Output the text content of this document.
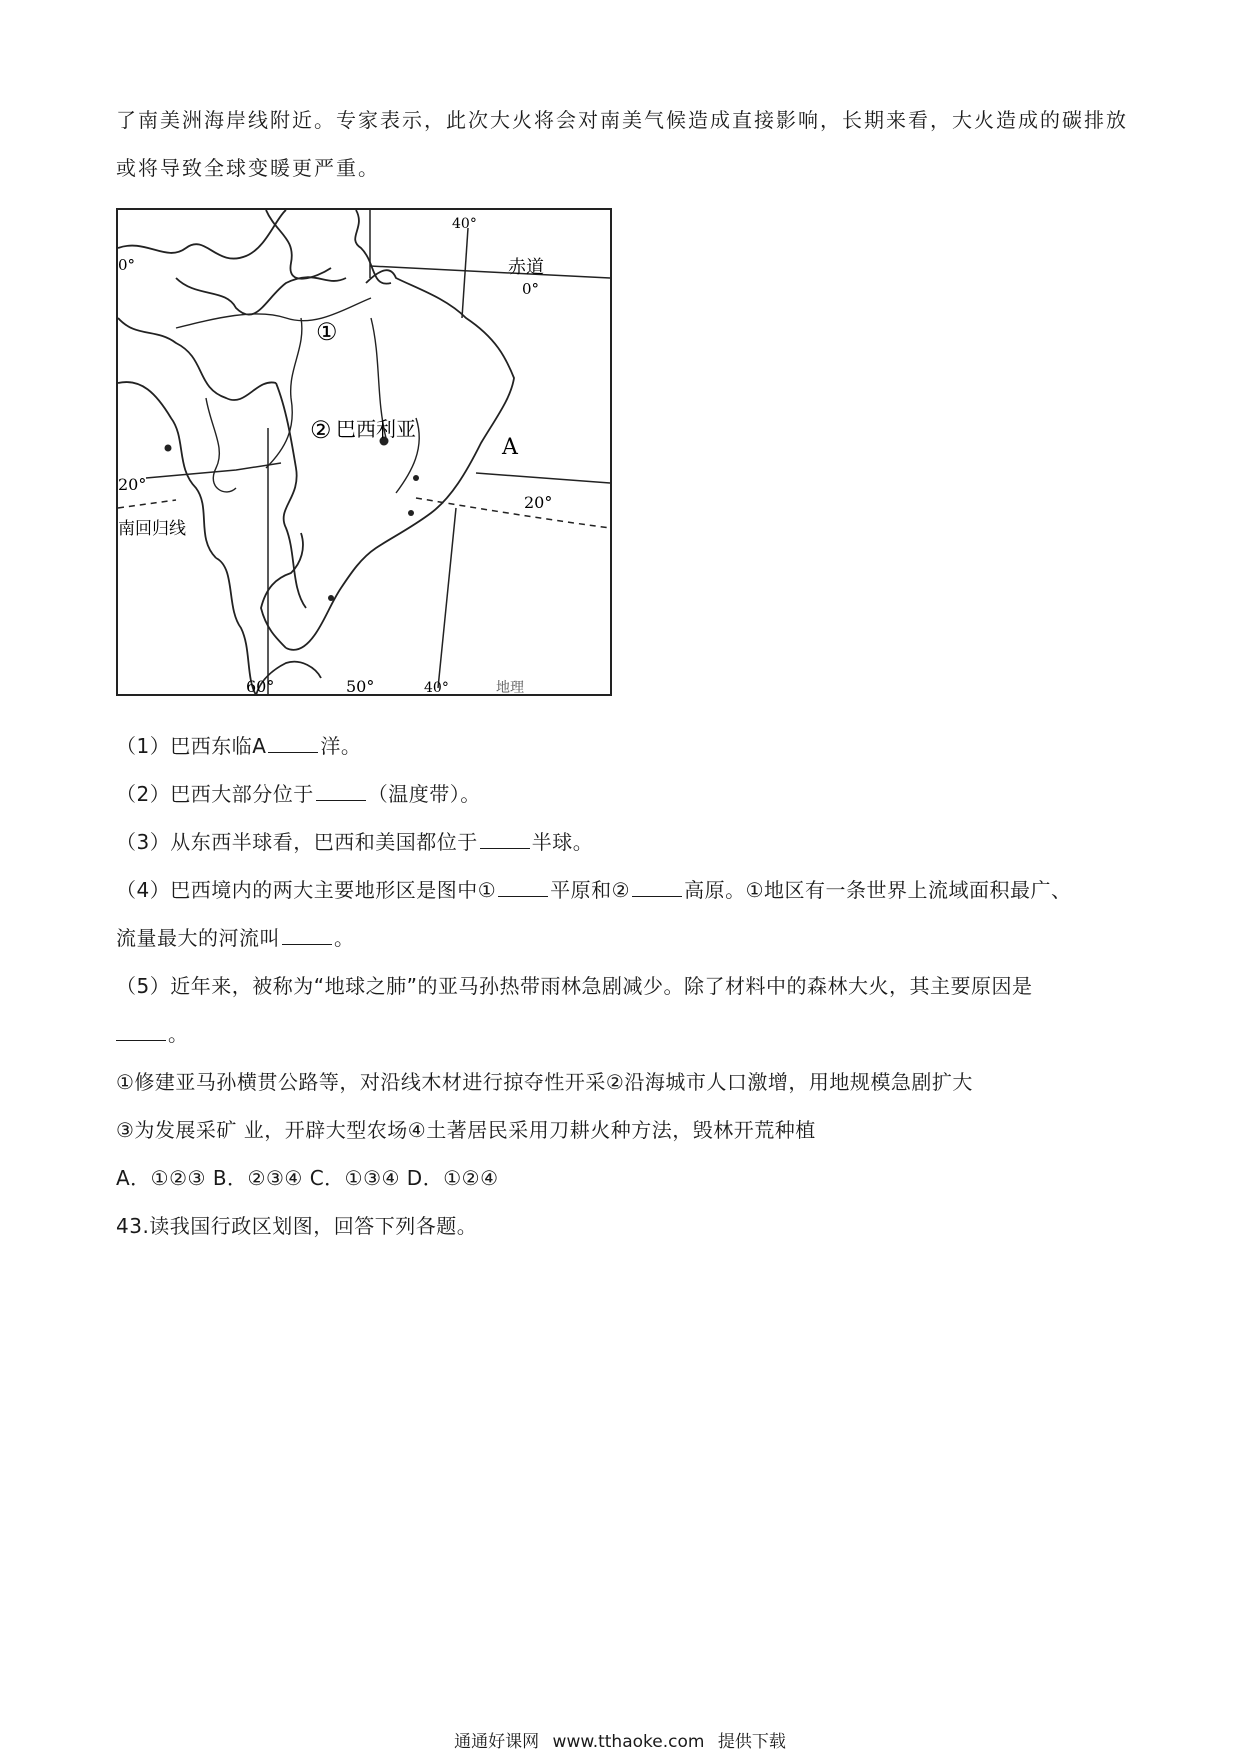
了南美洲海岸线附近。专家表示，此次大火将会对南美气候造成直接影响，长期来看，大火造成的碳排放
或将导致全球变暖更严重。
40°
赤道
0°
0°
①
② 巴西利亚
A
20°
20°
南回归线
60°	50°	40°	地理
（1）巴西东临A	洋。
（2）巴西大部分位于	（温度带）。
（3）从东西半球看，巴西和美国都位于	半球。
（4）巴西境内的两大主要地形区是图中①	平原和②	高原。①地区有一条世界上流域面积最广、
流量最大的河流叫	。
（5）近年来，被称为“地球之肺”的亚马孙热带雨林急剧减少。除了材料中的森林大火，其主要原因是
。
①修建亚马孙横贯公路等，对沿线木材进行掠夺性开采②沿海城市人口激增，用地规模急剧扩大
③为发展采矿 业，开辟大型农场④土著居民采用刀耕火种方法，毁林开荒种植
A．①②③ B．②③④ C．①③④ D．①②④
43.读我国行政区划图，回答下列各题。
通通好课网 www.tthaoke.com 提供下载
